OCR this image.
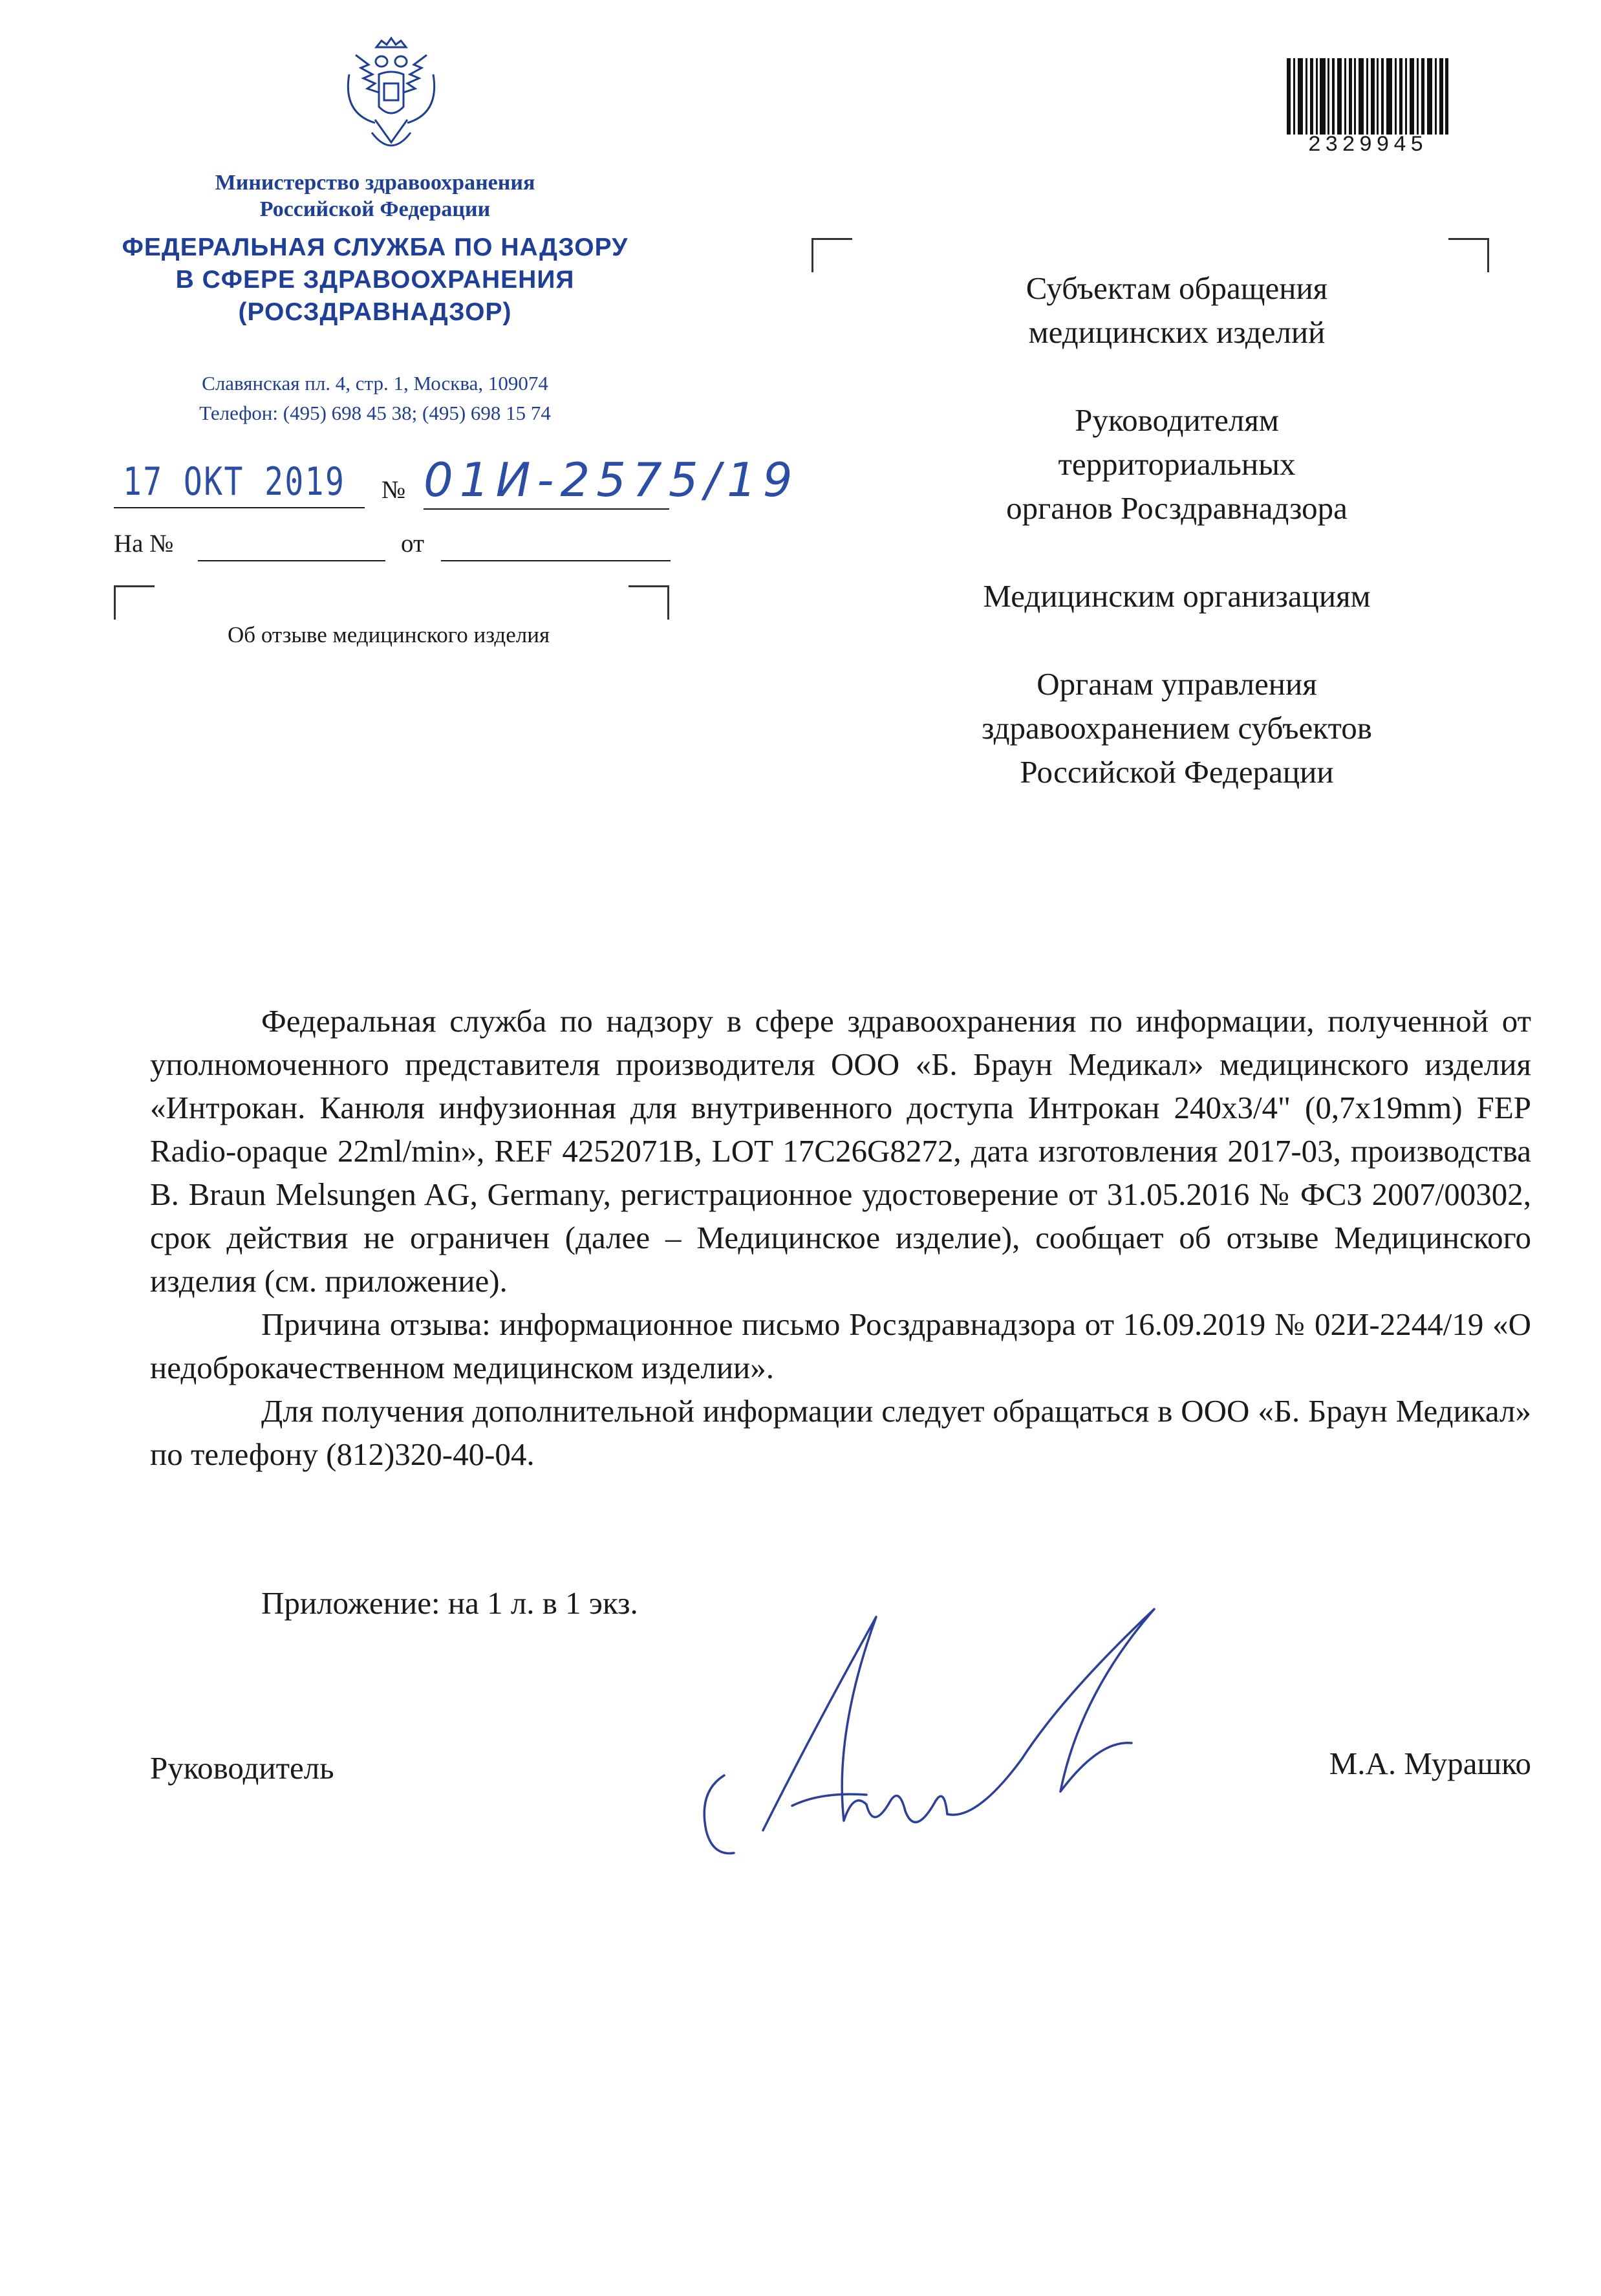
2329945
Министерство здравоохранения
Российской Федерации
ФЕДЕРАЛЬНАЯ СЛУЖБА ПО НАДЗОРУ
В СФЕРЕ ЗДРАВООХРАНЕНИЯ
(РОСЗДРАВНАДЗОР)
Славянская пл. 4, стр. 1, Москва, 109074
Телефон: (495) 698 45 38; (495) 698 15 74
17 ОКТ 2019 № 01И-2575/19
На №	от
Об отзыве медицинского изделия
Субъектам обращения
медицинских изделий
Руководителям
территориальных
органов Росздравнадзора
Медицинским организациям
Органам управления
здравоохранением субъектов
Российской Федерации

Федеральная служба по надзору в сфере здравоохранения по информации, полученной от уполномоченного представителя производителя ООО «Б. Браун Медикал» медицинского изделия «Интрокан. Канюля инфузионная для внутривенного доступа Интрокан 240х3/4" (0,7x19mm) FEP Radio-opaque 22ml/min», REF 4252071B, LOT 17C26G8272, дата изготовления 2017-03, производства B. Braun Melsungen AG, Germany, регистрационное удостоверение от 31.05.2016 № ФСЗ 2007/00302, срок действия не ограничен (далее – Медицинское изделие), сообщает об отзыве Медицинского изделия (см. приложение).

Причина отзыва: информационное письмо Росздравнадзора от 16.09.2019 № 02И-2244/19 «О недоброкачественном медицинском изделии».

Для получения дополнительной информации следует обращаться в ООО «Б. Браун Медикал» по телефону (812)320-40-04.

Приложение: на 1 л. в 1 экз.
Руководитель	М.А. Мурашко
